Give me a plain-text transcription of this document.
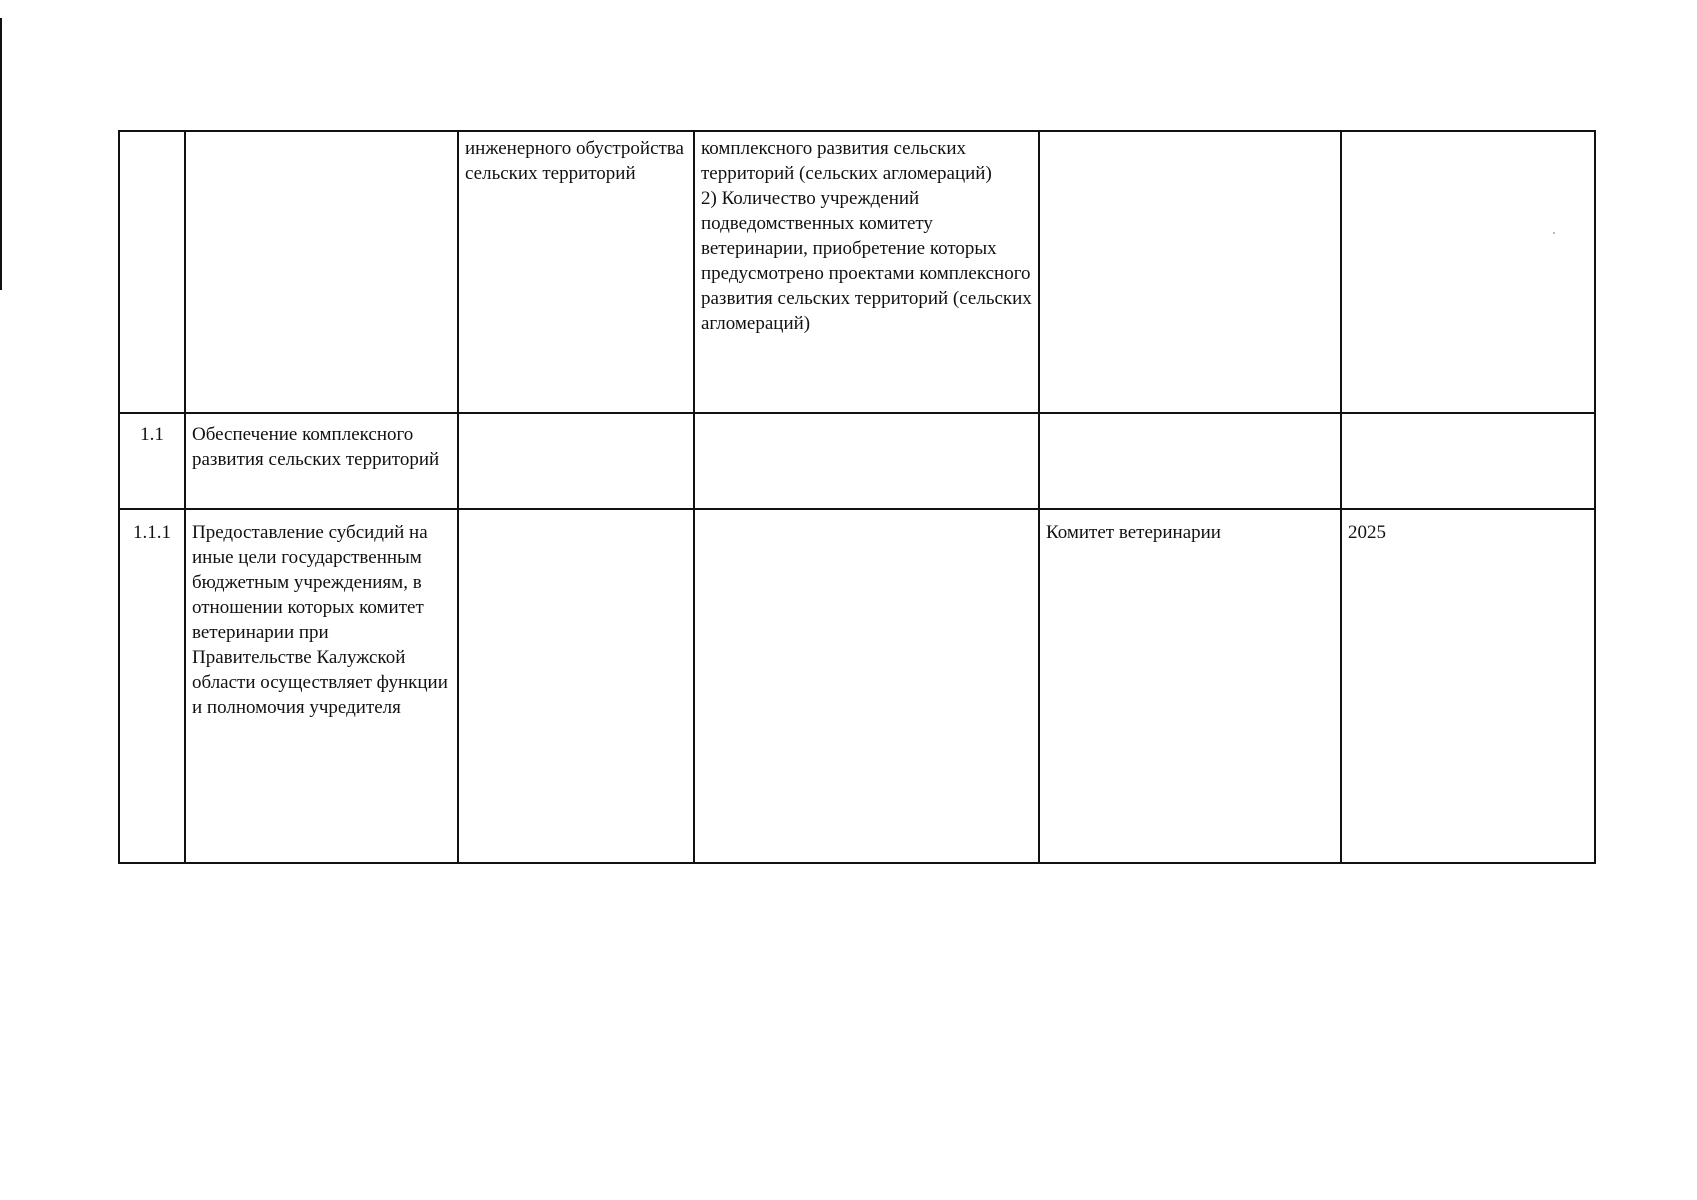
		инженерного обустройства сельских территорий	комплексного развития сельских территорий (сельских агломераций)
2) Количество учреждений подведомственных комитету ветеринарии, приобретение которых предусмотрено проектами комплексного развития сельских территорий (сельских агломераций)		

1.1	Обеспечение комплексного развития сельских территорий				
1.1.1	Предоставление субсидий на иные цели государственным бюджетным учреждениям, в отношении которых комитет ветеринарии при Правительстве Калужской области осуществляет функции и полномочия учредителя			Комитет ветеринарии	2025
